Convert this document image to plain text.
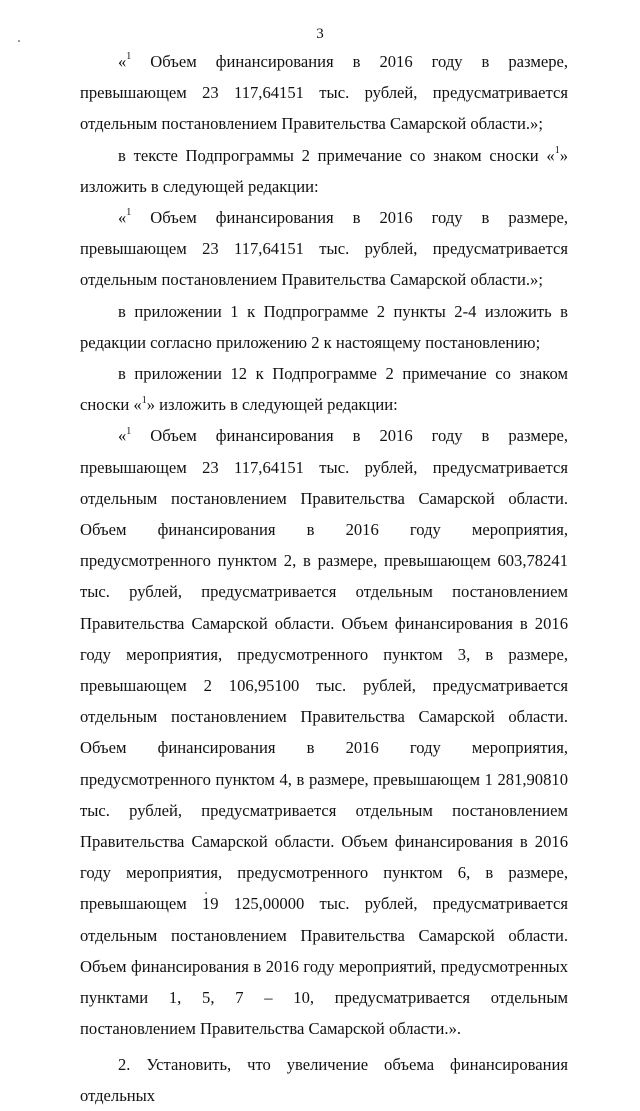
3

«$^1$ Объем финансирования в 2016 году в размере, превышающем 23 117,64151 тыс. рублей, предусматривается отдельным постановлением Правительства Самарской области.»;

в тексте Подпрограммы 2 примечание со знаком сноски «$^1$» изложить в следующей редакции:

«$^1$ Объем финансирования в 2016 году в размере, превышающем 23 117,64151 тыс. рублей, предусматривается отдельным постановлением Правительства Самарской области.»;

в приложении 1 к Подпрограмме 2 пункты 2-4 изложить в редакции согласно приложению 2 к настоящему постановлению;

в приложении 12 к Подпрограмме 2 примечание со знаком сноски «$^1$» изложить в следующей редакции:

«$^1$ Объем финансирования в 2016 году в размере, превышающем 23 117,64151 тыс. рублей, предусматривается отдельным постановлением Правительства Самарской области. Объем финансирования в 2016 году мероприятия, предусмотренного пунктом 2, в размере, превышающем 603,78241 тыс. рублей, предусматривается отдельным постановлением Правительства Самарской области. Объем финансирования в 2016 году мероприятия, предусмотренного пунктом 3, в размере, превышающем 2 106,95100 тыс. рублей, предусматривается отдельным постановлением Правительства Самарской области. Объем финансирования в 2016 году мероприятия, предусмотренного пунктом 4, в размере, превышающем 1 281,90810 тыс. рублей, предусматривается отдельным постановлением Правительства Самарской области. Объем финансирования в 2016 году мероприятия, предусмотренного пунктом 6, в размере, превышающем 19 125,00000 тыс. рублей, предусматривается отдельным постановлением Правительства Самарской области. Объем финансирования в 2016 году мероприятий, предусмотренных пунктами 1, 5, 7 – 10, предусматривается отдельным постановлением Правительства Самарской области.».

2. Установить, что увеличение объема финансирования отдельных
